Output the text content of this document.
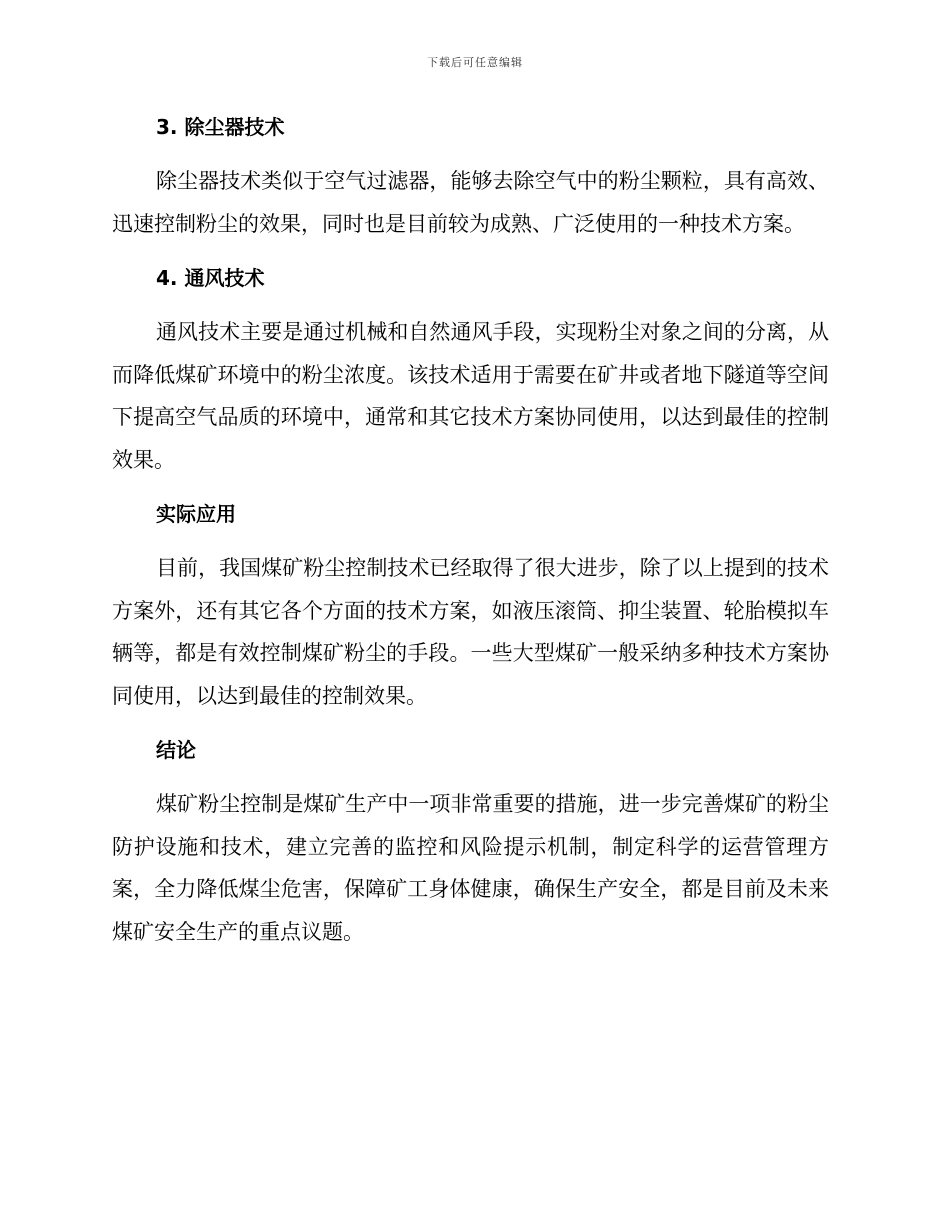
下载后可任意编辑
3. 除尘器技术

除尘器技术类似于空气过滤器，能够去除空气中的粉尘颗粒，具有高效、迅速控制粉尘的效果，同时也是目前较为成熟、广泛使用的一种技术方案。

4. 通风技术

通风技术主要是通过机械和自然通风手段，实现粉尘对象之间的分离，从而降低煤矿环境中的粉尘浓度。该技术适用于需要在矿井或者地下隧道等空间下提高空气品质的环境中，通常和其它技术方案协同使用，以达到最佳的控制效果。

实际应用

目前，我国煤矿粉尘控制技术已经取得了很大进步，除了以上提到的技术方案外，还有其它各个方面的技术方案，如液压滚筒、抑尘装置、轮胎模拟车辆等，都是有效控制煤矿粉尘的手段。一些大型煤矿一般采纳多种技术方案协同使用，以达到最佳的控制效果。

结论

煤矿粉尘控制是煤矿生产中一项非常重要的措施，进一步完善煤矿的粉尘防护设施和技术，建立完善的监控和风险提示机制，制定科学的运营管理方案，全力降低煤尘危害，保障矿工身体健康，确保生产安全，都是目前及未来煤矿安全生产的重点议题。
